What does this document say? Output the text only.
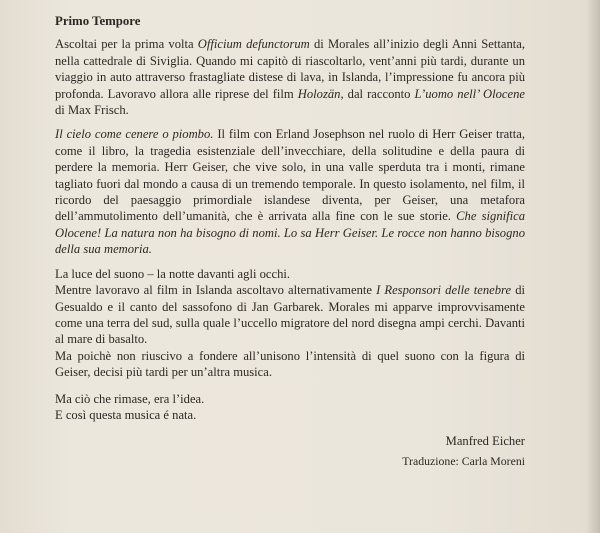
Primo Tempore
Ascoltai per la prima volta Officium defunctorum di Morales all’inizio degli Anni Settanta, nella cattedrale di Siviglia. Quando mi capitò di riascoltarlo, vent’anni più tardi, durante un viaggio in auto attraverso frastagliate distese di lava, in Islanda, l’impressione fu ancora più profonda. Lavoravo allora alle riprese del film Holozän, dal racconto L’uomo nell’ Olocene di Max Frisch.
Il cielo come cenere o piombo. Il film con Erland Josephson nel ruolo di Herr Geiser tratta, come il libro, la tragedia esistenziale dell’invecchiare, della solitudine e della paura di perdere la memoria. Herr Geiser, che vive solo, in una valle sperduta tra i monti, rimane tagliato fuori dal mondo a causa di un tremendo temporale. In questo isolamento, nel film, il ricordo del paesaggio primordiale islandese diventa, per Geiser, una metafora dell’ammutolimento dell’umanità, che è arrivata alla fine con le sue storie. Che significa Olocene! La natura non ha bisogno di nomi. Lo sa Herr Geiser. Le rocce non hanno bisogno della sua memoria.
La luce del suono – la notte davanti agli occhi.
Mentre lavoravo al film in Islanda ascoltavo alternativamente I Responsori delle tenebre di Gesualdo e il canto del sassofono di Jan Garbarek. Morales mi apparve improvvisamente come una terra del sud, sulla quale l’uccello migratore del nord disegna ampi cerchi. Davanti al mare di basalto.
Ma poichè non riuscivo a fondere all’unisono l’intensità di quel suono con la figura di Geiser, decisi più tardi per un’altra musica.
Ma ciò che rimase, era l’idea.
E così questa musica é nata.
Manfred Eicher
Traduzione: Carla Moreni
